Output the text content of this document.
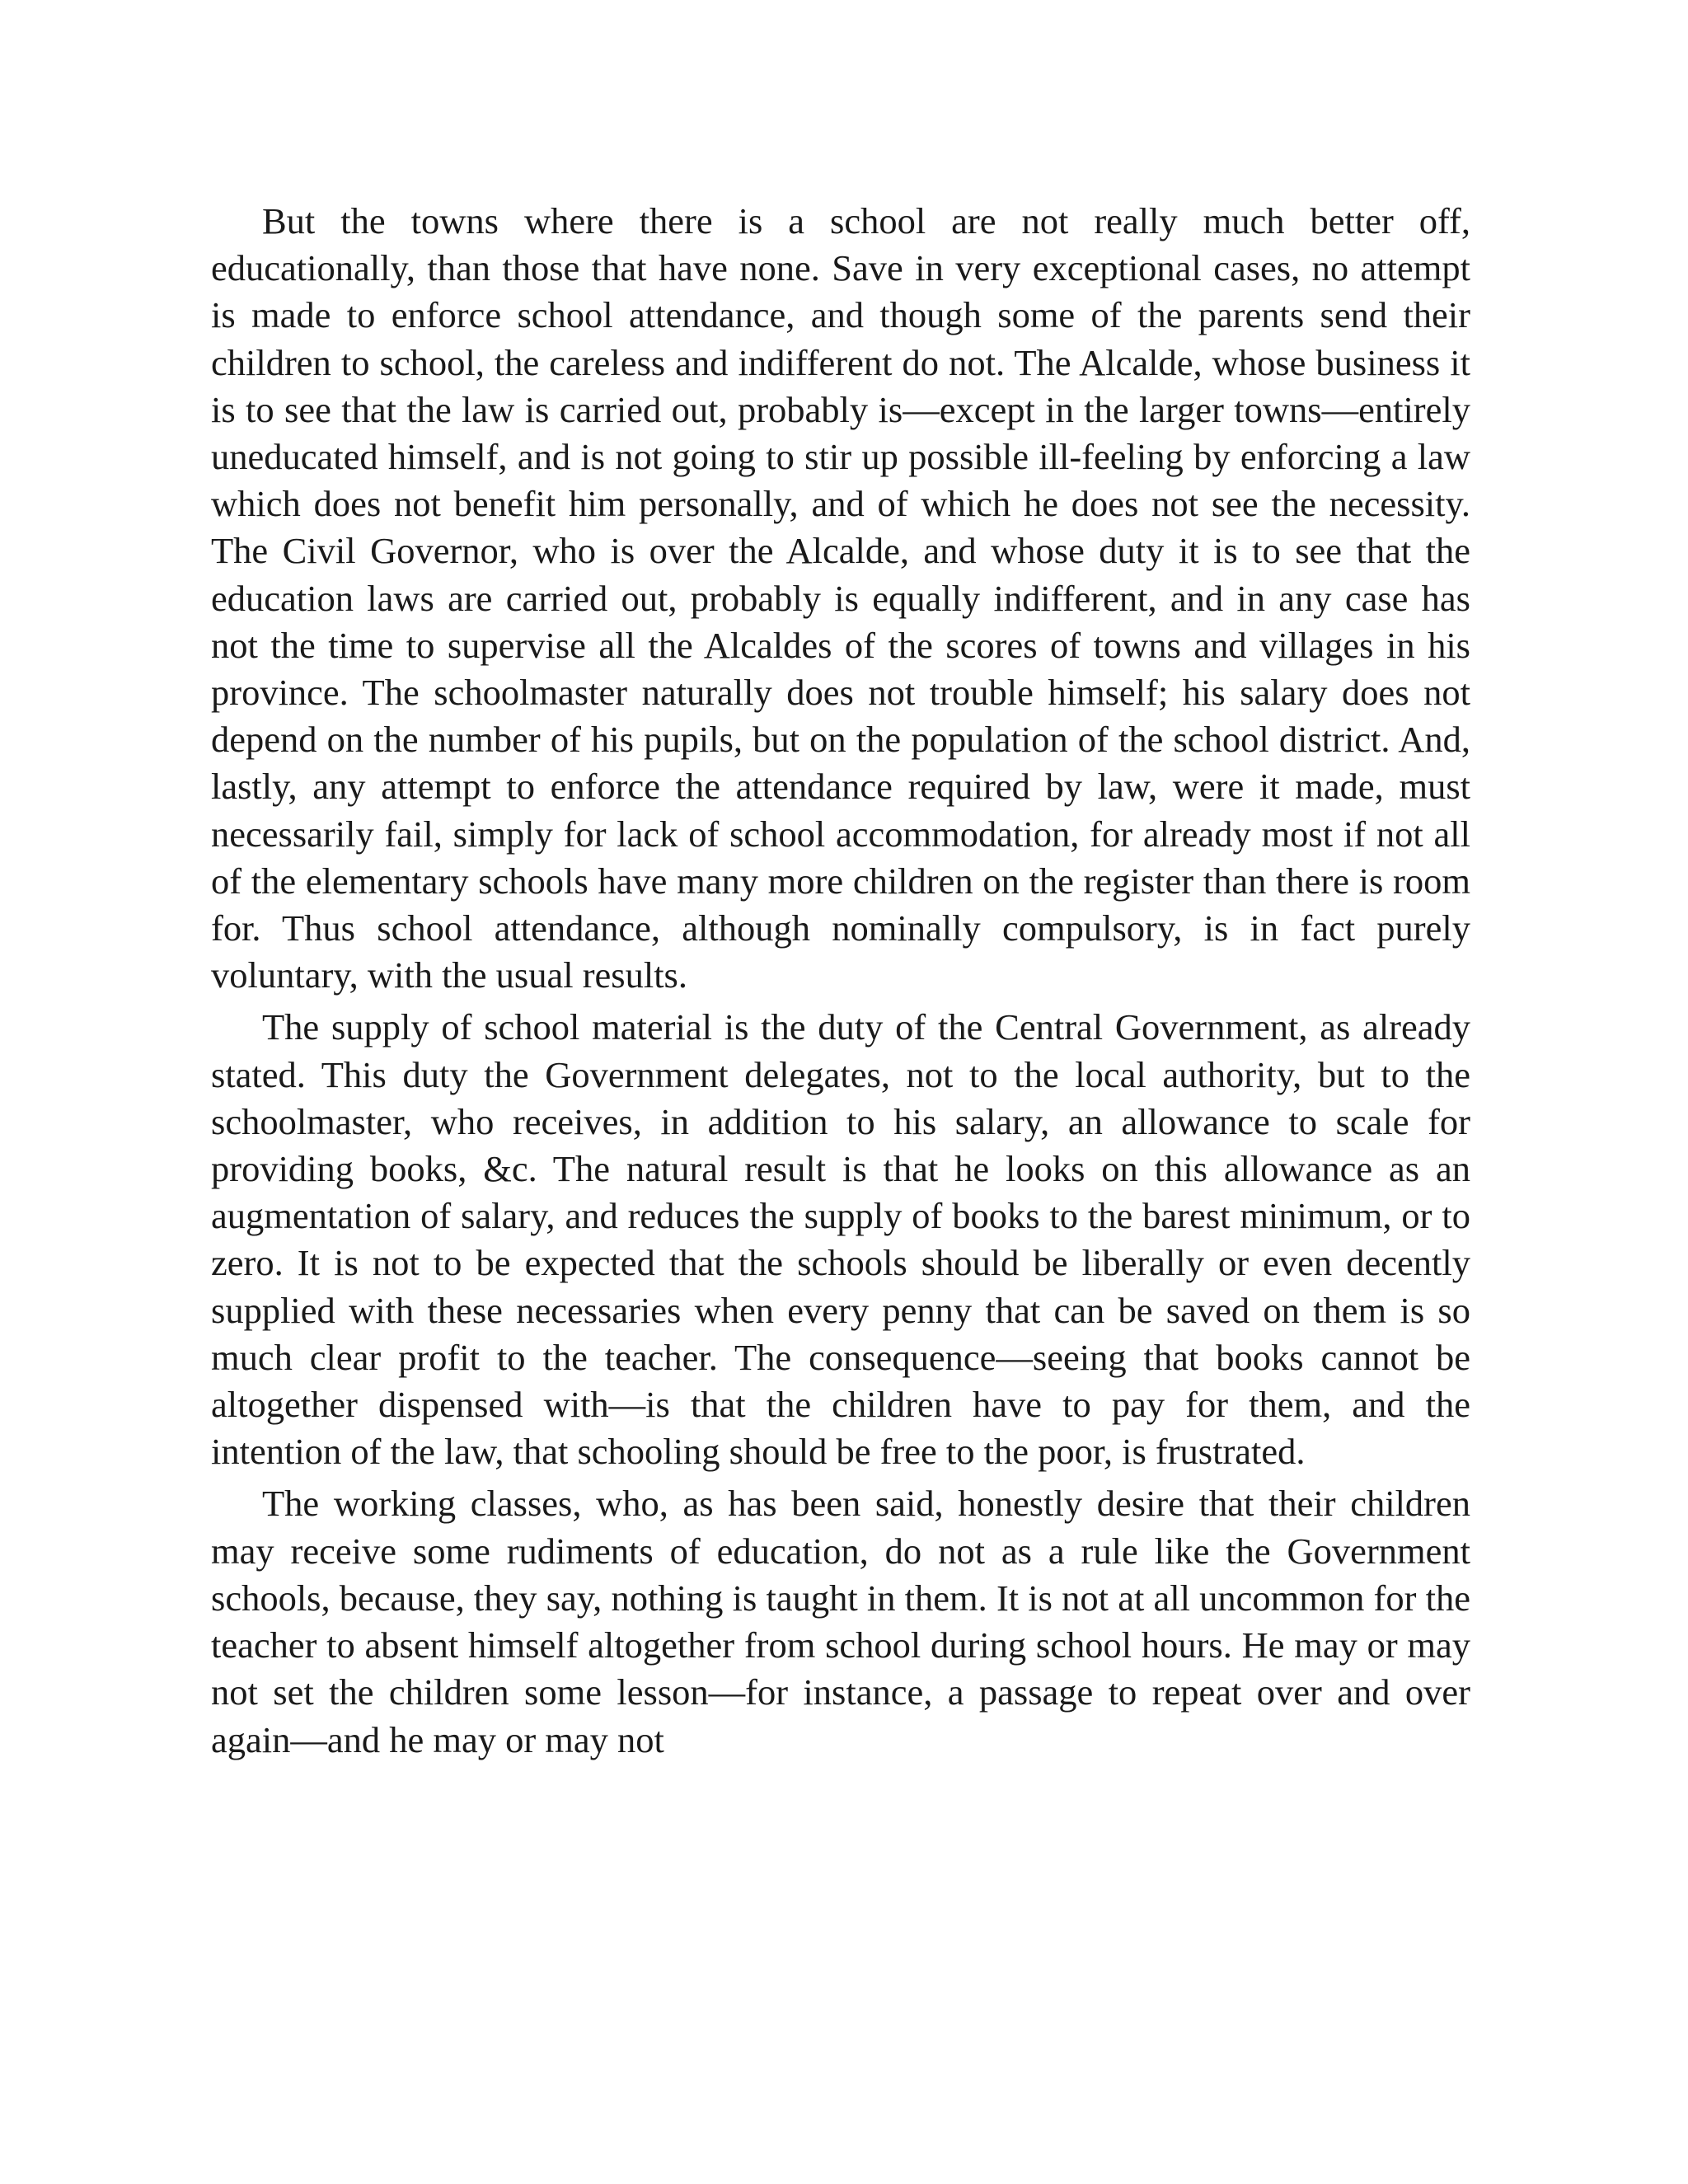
But the towns where there is a school are not really much better off, educationally, than those that have none. Save in very exceptional cases, no attempt is made to enforce school attendance, and though some of the parents send their children to school, the careless and indifferent do not. The Alcalde, whose business it is to see that the law is carried out, probably is—except in the larger towns—entirely uneducated himself, and is not going to stir up possible ill-feeling by enforcing a law which does not benefit him personally, and of which he does not see the necessity. The Civil Governor, who is over the Alcalde, and whose duty it is to see that the education laws are carried out, probably is equally indifferent, and in any case has not the time to supervise all the Alcaldes of the scores of towns and villages in his province. The schoolmaster naturally does not trouble himself; his salary does not depend on the number of his pupils, but on the population of the school district. And, lastly, any attempt to enforce the attendance required by law, were it made, must necessarily fail, simply for lack of school accommodation, for already most if not all of the elementary schools have many more children on the register than there is room for. Thus school attendance, although nominally compulsory, is in fact purely voluntary, with the usual results.

The supply of school material is the duty of the Central Government, as already stated. This duty the Government delegates, not to the local authority, but to the schoolmaster, who receives, in addition to his salary, an allowance to scale for providing books, &c. The natural result is that he looks on this allowance as an augmentation of salary, and reduces the supply of books to the barest minimum, or to zero. It is not to be expected that the schools should be liberally or even decently supplied with these necessaries when every penny that can be saved on them is so much clear profit to the teacher. The consequence—seeing that books cannot be altogether dispensed with—is that the children have to pay for them, and the intention of the law, that schooling should be free to the poor, is frustrated.

The working classes, who, as has been said, honestly desire that their children may receive some rudiments of education, do not as a rule like the Government schools, because, they say, nothing is taught in them. It is not at all uncommon for the teacher to absent himself altogether from school during school hours. He may or may not set the children some lesson—for instance, a passage to repeat over and over again—and he may or may not
